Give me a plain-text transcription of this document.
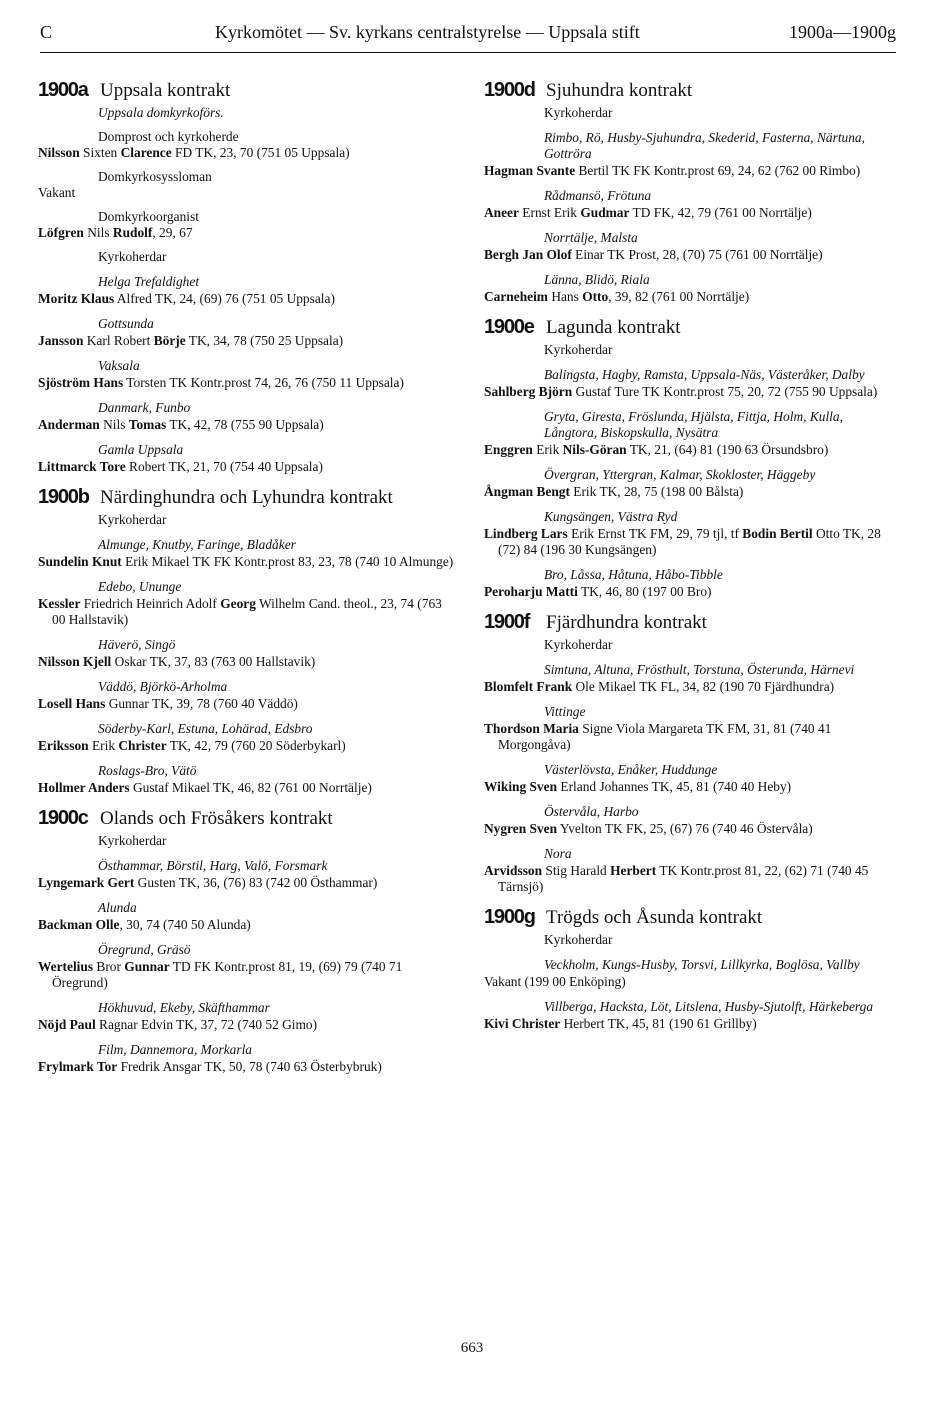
C	Kyrkomötet — Sv. kyrkans centralstyrelse — Uppsala stift	1900a—1900g
1900a Uppsala kontrakt
Uppsala domkyrkoförs.
Domprost och kyrkoherde
Nilsson Sixten Clarence FD TK, 23, 70 (751 05 Uppsala)
Domkyrkosyssloman
Vakant
Domkyrkoorganist
Löfgren Nils Rudolf, 29, 67
Kyrkoherdar
Helga Trefaldighet
Moritz Klaus Alfred TK, 24, (69) 76 (751 05 Uppsala)
Gottsunda
Jansson Karl Robert Börje TK, 34, 78 (750 25 Uppsala)
Vaksala
Sjöström Hans Torsten TK Kontr.prost 74, 26, 76 (750 11 Uppsala)
Danmark, Funbo
Anderman Nils Tomas TK, 42, 78 (755 90 Uppsala)
Gamla Uppsala
Littmarck Tore Robert TK, 21, 70 (754 40 Uppsala)
1900b Närdinghundra och Lyhundra kontrakt
Kyrkoherdar
Almunge, Knutby, Faringe, Bladåker
Sundelin Knut Erik Mikael TK FK Kontr.prost 83, 23, 78 (740 10 Almunge)
Edebo, Ununge
Kessler Friedrich Heinrich Adolf Georg Wilhelm Cand. theol., 23, 74 (763 00 Hallstavik)
Häverö, Singö
Nilsson Kjell Oskar TK, 37, 83 (763 00 Hallstavik)
Väddö, Björkö-Arholma
Losell Hans Gunnar TK, 39, 78 (760 40 Väddö)
Söderby-Karl, Estuna, Lohärad, Edsbro
Eriksson Erik Christer TK, 42, 79 (760 20 Söderbykarl)
Roslags-Bro, Vätö
Hollmer Anders Gustaf Mikael TK, 46, 82 (761 00 Norrtälje)
1900c Olands och Frösåkers kontrakt
Kyrkoherdar
Östhammar, Börstil, Harg, Valö, Forsmark
Lyngemark Gert Gusten TK, 36, (76) 83 (742 00 Östhammar)
Alunda
Backman Olle, 30, 74 (740 50 Alunda)
Öregrund, Gräsö
Wertelius Bror Gunnar TD FK Kontr.prost 81, 19, (69) 79 (740 71 Öregrund)
Hökhuvud, Ekeby, Skäfthammar
Nöjd Paul Ragnar Edvin TK, 37, 72 (740 52 Gimo)
Film, Dannemora, Morkarla
Frylmark Tor Fredrik Ansgar TK, 50, 78 (740 63 Österbybruk)
1900d Sjuhundra kontrakt
Kyrkoherdar
Rimbo, Rö, Husby-Sjuhundra, Skederid, Fasterna, Närtuna, Gottröra
Hagman Svante Bertil TK FK Kontr.prost 69, 24, 62 (762 00 Rimbo)
Rådmansö, Frötuna
Aneer Ernst Erik Gudmar TD FK, 42, 79 (761 00 Norrtälje)
Norrtälje, Malsta
Bergh Jan Olof Einar TK Prost, 28, (70) 75 (761 00 Norrtälje)
Länna, Blidö, Riala
Carneheim Hans Otto, 39, 82 (761 00 Norrtälje)
1900e Lagunda kontrakt
Kyrkoherdar
Balingsta, Hagby, Ramsta, Uppsala-Näs, Västeråker, Dalby
Sahlberg Björn Gustaf Ture TK Kontr.prost 75, 20, 72 (755 90 Uppsala)
Gryta, Giresta, Fröslunda, Hjälsta, Fittja, Holm, Kulla, Långtora, Biskopskulla, Nysätra
Enggren Erik Nils-Göran TK, 21, (64) 81 (190 63 Örsundsbro)
Övergran, Yttergran, Kalmar, Skokloster, Häggeby
Ångman Bengt Erik TK, 28, 75 (198 00 Bålsta)
Kungsängen, Västra Ryd
Lindberg Lars Erik Ernst TK FM, 29, 79 tjl, tf Bodin Bertil Otto TK, 28 (72) 84 (196 30 Kungsängen)
Bro, Låssa, Håtuna, Håbo-Tibble
Peroharju Matti TK, 46, 80 (197 00 Bro)
1900f Fjärdhundra kontrakt
Kyrkoherdar
Simtuna, Altuna, Frösthult, Torstuna, Österunda, Härnevi
Blomfelt Frank Ole Mikael TK FL, 34, 82 (190 70 Fjärdhundra)
Vittinge
Thordson Maria Signe Viola Margareta TK FM, 31, 81 (740 41 Morgongåva)
Västerlövsta, Enåker, Huddunge
Wiking Sven Erland Johannes TK, 45, 81 (740 40 Heby)
Östervåla, Harbo
Nygren Sven Yvelton TK FK, 25, (67) 76 (740 46 Östervåla)
Nora
Arvidsson Stig Harald Herbert TK Kontr.prost 81, 22, (62) 71 (740 45 Tärnsjö)
1900g Trögds och Åsunda kontrakt
Kyrkoherdar
Veckholm, Kungs-Husby, Torsvi, Lillkyrka, Boglösa, Vallby
Vakant (199 00 Enköping)
Villberga, Hacksta, Löt, Litslena, Husby-Sjutolft, Härkeberga
Kivi Christer Herbert TK, 45, 81 (190 61 Grillby)
663
